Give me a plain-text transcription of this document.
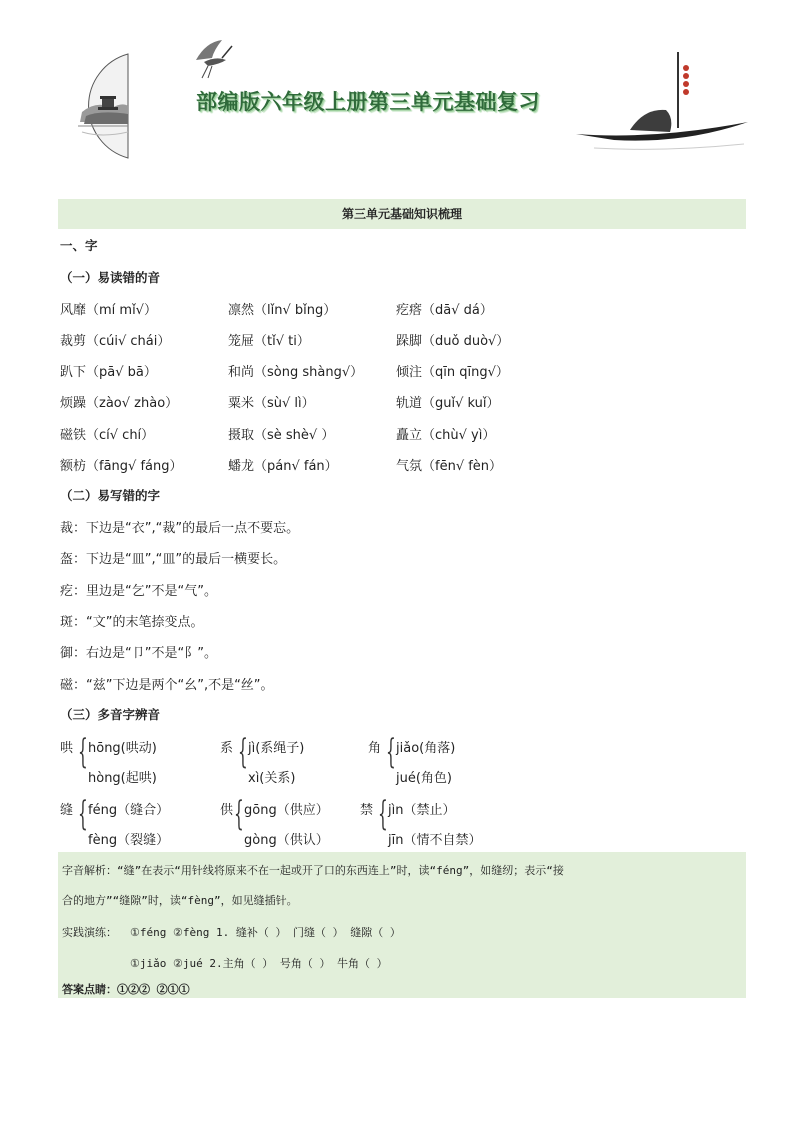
部编版六年级上册第三单元基础复习
第三单元基础知识梳理
一、字
（一）易读错的音
风靡（mí mǐ√）	凛然（lǐn√ bǐng）	疙瘩（dā√ dá）
裁剪（cúi√ chái）	笼屉（tǐ√ ti）	跺脚（duǒ duò√）
趴下（pā√ bā）	和尚（sòng shàng√）	倾注（qīn qīng√）
烦躁（zào√ zhào）	粟米（sù√ lì）	轨道（guǐ√ kuǐ）
磁铁（cí√ chí）	摄取（sè shè√ ）	矗立（chù√ yì）
额枋（fāng√ fáng）	蟠龙（pán√ fán）	气氛（fēn√ fèn）
（二）易写错的字
裁：下边是“衣”,“裁”的最后一点不要忘。
盔：下边是“皿”,“皿”的最后一横要长。
疙：里边是“乞”不是“气”。
斑：“文”的末笔捺变点。
御：右边是“卩”不是“阝”。
磁：“兹”下边是两个“幺”,不是“丝”。
（三）多音字辨音
哄 { hōng(哄动)
hòng(起哄)
系 { jì(系绳子)
xì(关系)
角 { jiǎo(角落)
jué(角色)
缝 { féng（缝合）
fèng（裂缝）
供 { gōng（供应）
gòng（供认）
禁 { jìn（禁止）
jīn（情不自禁）
字音解析：“缝”在表示“用针线将原来不在一起或开了口的东西连上”时，读“féng”，如缝纫；表示“接
合的地方”“缝隙”时，读“fèng”，如见缝插针。
实践演练： ①féng ②fèng 1. 缝补（ ） 门缝（ ） 缝隙（ ）
①jiǎo ②jué 2.主角（ ） 号角（ ） 牛角（ ）
答案点睛：①②② ②①①
